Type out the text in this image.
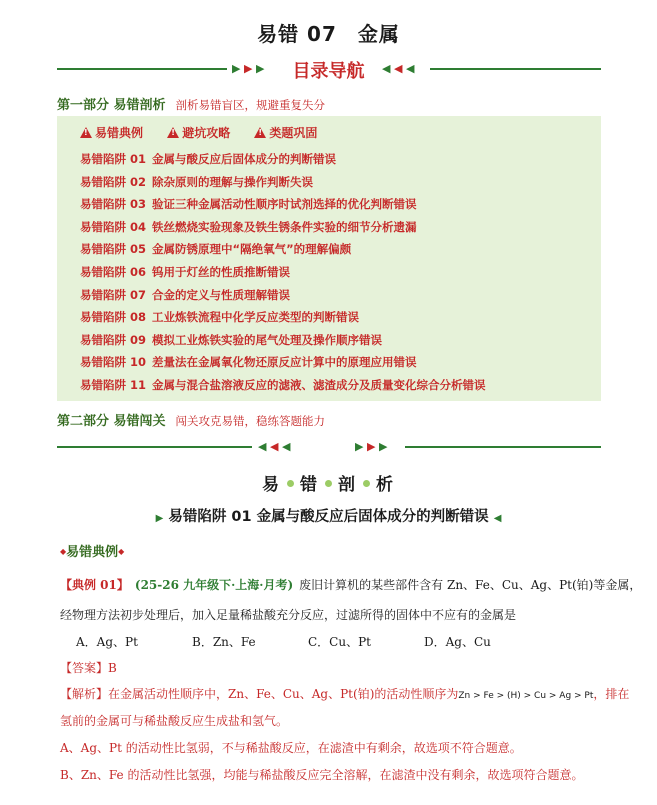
易错 07　金属
▶ ▶ ▶	目录导航	◀ ◀ ◀
第一部分 易错剖析 剖析易错盲区，规避重复失分
!易错典例 !	避坑攻略 !	类题巩固
易错陷阱 01 金属与酸反应后固体成分的判断错误
易错陷阱 02 除杂原则的理解与操作判断失误
易错陷阱 03 验证三种金属活动性顺序时试剂选择的优化判断错误
易错陷阱 04 铁丝燃烧实验现象及铁生锈条件实验的细节分析遗漏
易错陷阱 05 金属防锈原理中“隔绝氧气”的理解偏颇
易错陷阱 06 钨用于灯丝的性质推断错误
易错陷阱 07 合金的定义与性质理解错误
易错陷阱 08 工业炼铁流程中化学反应类型的判断错误
易错陷阱 09 模拟工业炼铁实验的尾气处理及操作顺序错误
易错陷阱 10 差量法在金属氧化物还原反应计算中的原理应用错误
易错陷阱 11 金属与混合盐溶液反应的滤液、滤渣成分及质量变化综合分析错误
第二部分 易错闯关 闯关攻克易错，稳练答题能力
◀ ◀ ◀	▶ ▶ ▶
易 错 剖 析
▶ 易错陷阱 01 金属与酸反应后固体成分的判断错误 ◀
◆易错典例◆
【典例 01】 (25-26 九年级下·上海·月考) 废旧计算机的某些部件含有 Zn、Fe、Cu、Ag、Pt(铂)等金属，
经物理方法初步处理后，加入足量稀盐酸充分反应，过滤所得的固体中不应有的金属是
A．Ag、Pt	B．Zn、Fe	C．Cu、Pt	D．Ag、Cu
【答案】B
【解析】在金属活动性顺序中，Zn、Fe、Cu、Ag、Pt(铂)的活动性顺序为Zn > Fe > (H) > Cu > Ag > Pt，排在
氢前的金属可与稀盐酸反应生成盐和氢气。
A、Ag、Pt 的活动性比氢弱，不与稀盐酸反应，在滤渣中有剩余，故选项不符合题意。
B、Zn、Fe 的活动性比氢强，均能与稀盐酸反应完全溶解，在滤渣中没有剩余，故选项符合题意。
